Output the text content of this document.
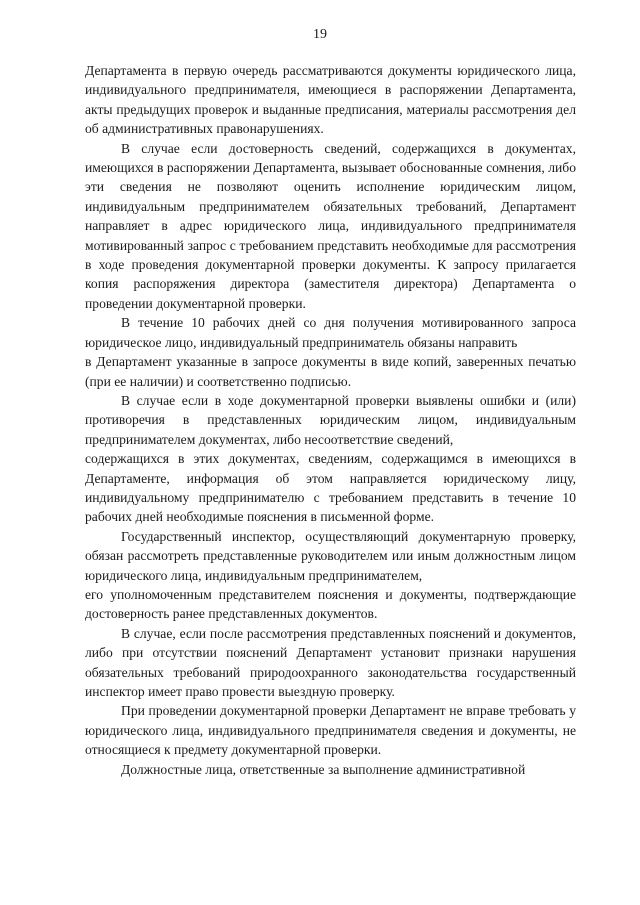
19

Департамента в первую очередь рассматриваются документы юридического лица, индивидуального предпринимателя, имеющиеся в распоряжении Департамента, акты предыдущих проверок и выданные предписания, материалы рассмотрения дел об административных правонарушениях.

В случае если достоверность сведений, содержащихся в документах, имеющихся в распоряжении Департамента, вызывает обоснованные сомнения, либо эти сведения не позволяют оценить исполнение юридическим лицом, индивидуальным предпринимателем обязательных требований, Департамент направляет в адрес юридического лица, индивидуального предпринимателя мотивированный запрос с требованием представить необходимые для рассмотрения в ходе проведения документарной проверки документы. К запросу прилагается копия распоряжения директора (заместителя директора) Департамента о проведении документарной проверки.

В течение 10 рабочих дней со дня получения мотивированного запроса юридическое лицо, индивидуальный предприниматель обязаны направить

в Департамент указанные в запросе документы в виде копий, заверенных печатью (при ее наличии) и соответственно подписью.

В случае если в ходе документарной проверки выявлены ошибки и (или) противоречия в представленных юридическим лицом, индивидуальным предпринимателем документах, либо несоответствие сведений,

содержащихся в этих документах, сведениям, содержащимся в имеющихся в Департаменте, информация об этом направляется юридическому лицу, индивидуальному предпринимателю с требованием представить в течение 10 рабочих дней необходимые пояснения в письменной форме.

Государственный инспектор, осуществляющий документарную проверку, обязан рассмотреть представленные руководителем или иным должностным лицом юридического лица, индивидуальным предпринимателем,

его уполномоченным представителем пояснения и документы, подтверждающие достоверность ранее представленных документов.

В случае, если после рассмотрения представленных пояснений и документов, либо при отсутствии пояснений Департамент установит признаки нарушения обязательных требований природоохранного законодательства государственный инспектор имеет право провести выездную проверку.

При проведении документарной проверки Департамент не вправе требовать у юридического лица, индивидуального предпринимателя сведения и документы, не относящиеся к предмету документарной проверки.

Должностные лица, ответственные за выполнение административной
